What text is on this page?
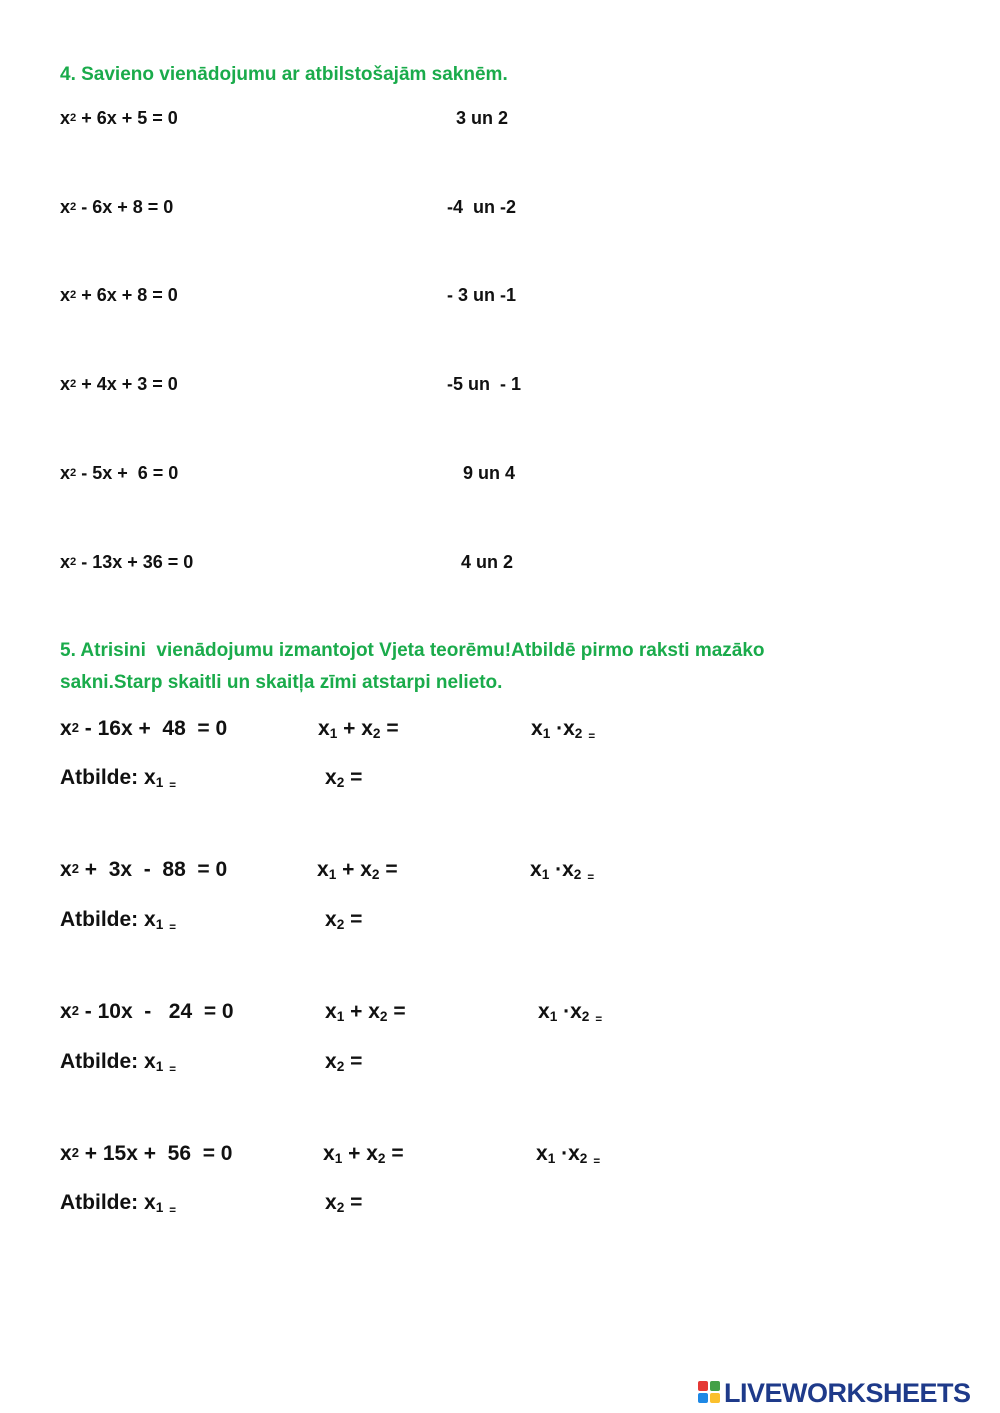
4. Savieno vienādojumu ar atbilstošajām saknēm.
$x^2 + 6x + 5 = 0$	3 un 2
$x^2 - 6x + 8 = 0$	-4  un -2
$x^2 + 6x + 8 = 0$	- 3 un -1
$x^2 + 4x + 3 = 0$	-5 un  - 1
$x^2 - 5x + 6 = 0$	9 un 4
$x^2 - 13x + 36 = 0$	4 un 2
5. Atrisini  vienādojumu izmantojot Vjeta teorēmu!Atbildē pirmo raksti mazāko
sakni.Starp skaitli un skaitļa zīmi atstarpi nelieto.
$x^2 - 16x + 48 = 0$	$x_1 + x_2$ =	$x_1 \cdot x_2$ $_=$
Atbilde: $x_1$ $_=$	$x_2$ =
$x^2 + 3x - 88 = 0$	$x_1 + x_2$ =	$x_1 \cdot x_2$ $_=$
Atbilde: $x_1$ $_=$	$x_2$ =
$x^2 - 10x - 24 = 0$	$x_1 + x_2$ =	$x_1 \cdot x_2$ $_=$
Atbilde: $x_1$ $_=$	$x_2$ =
$x^2 + 15x + 56 = 0$	$x_1 + x_2$ =	$x_1 \cdot x_2$ $_=$
Atbilde: $x_1$ $_=$	$x_2$ =
LIVEWORKSHEETS
